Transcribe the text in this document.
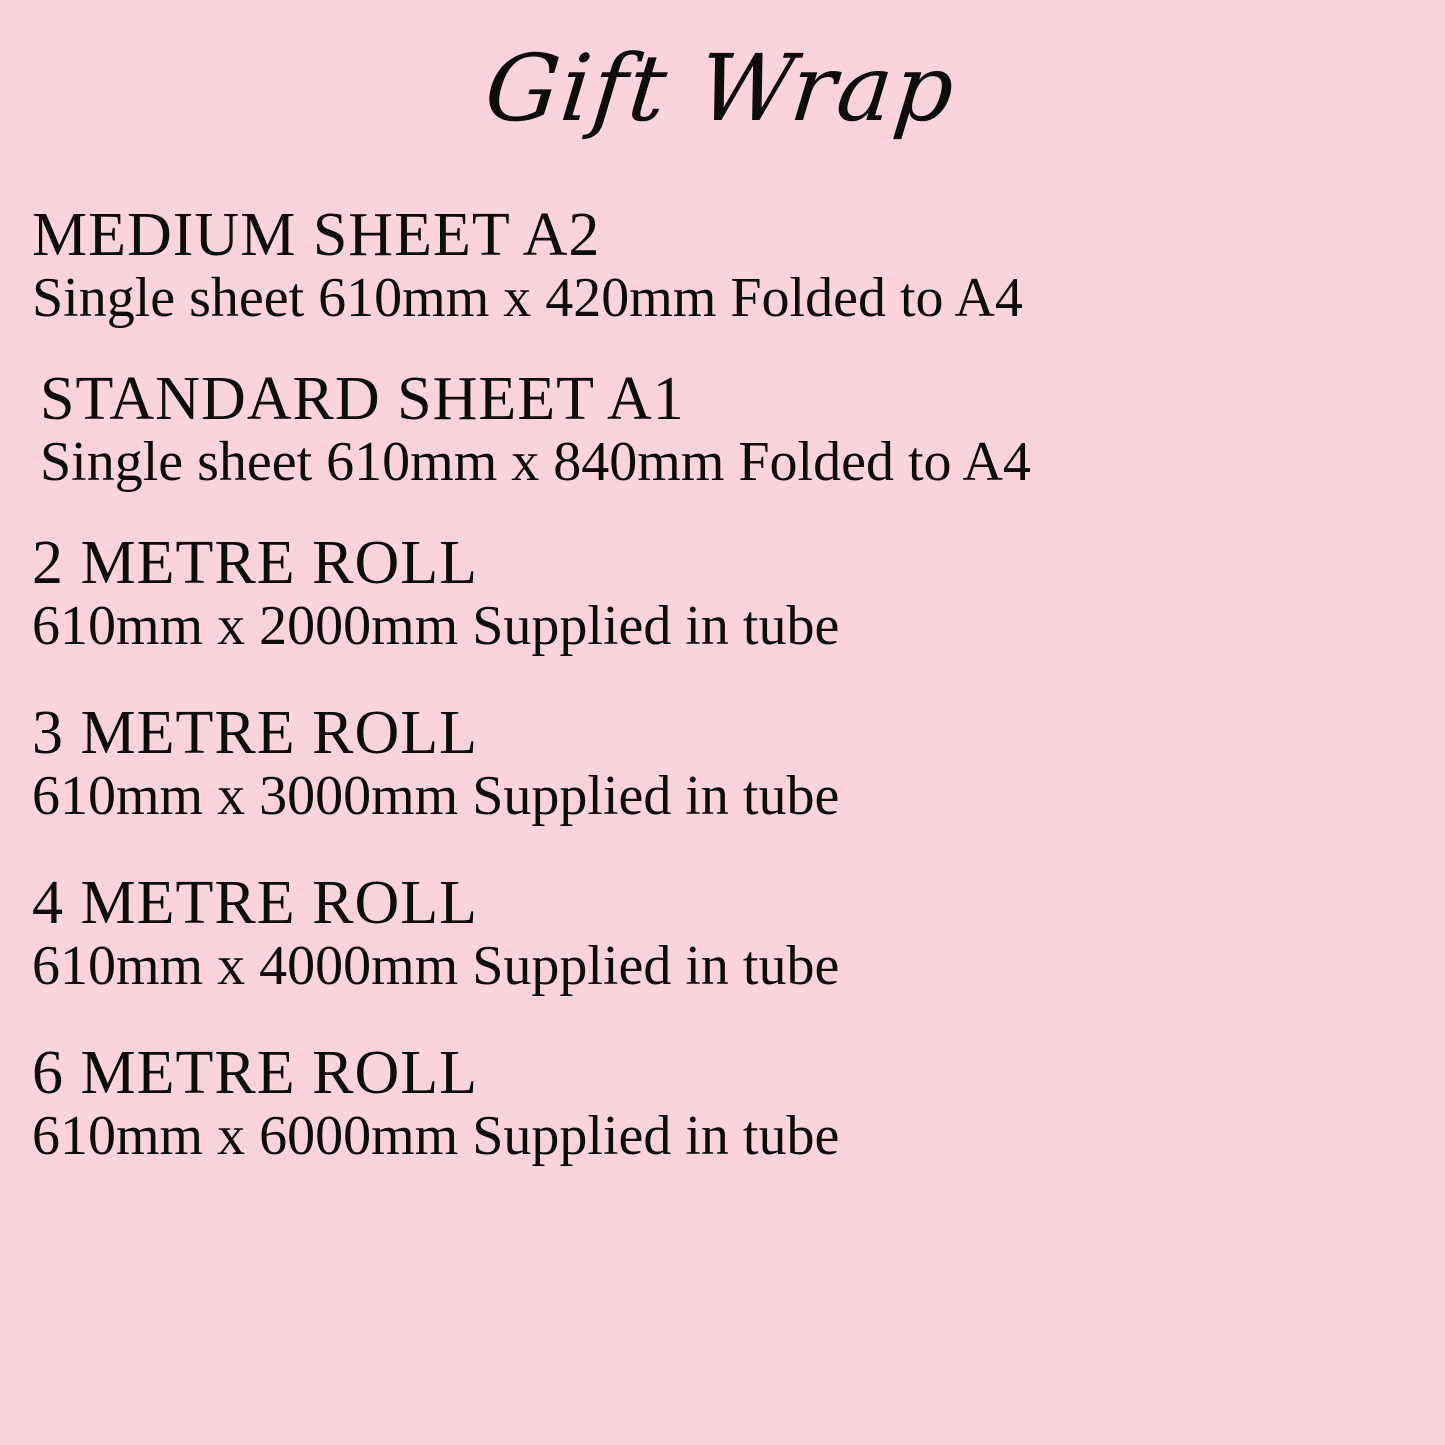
Gift Wrap
MEDIUM SHEET A2
Single sheet 610mm x 420mm Folded to A4
STANDARD SHEET A1
Single sheet 610mm x 840mm Folded to A4
2 METRE ROLL
610mm x 2000mm Supplied in tube
3 METRE ROLL
610mm x 3000mm Supplied in tube
4 METRE ROLL
610mm x 4000mm Supplied in tube
6 METRE ROLL
610mm x 6000mm Supplied in tube
